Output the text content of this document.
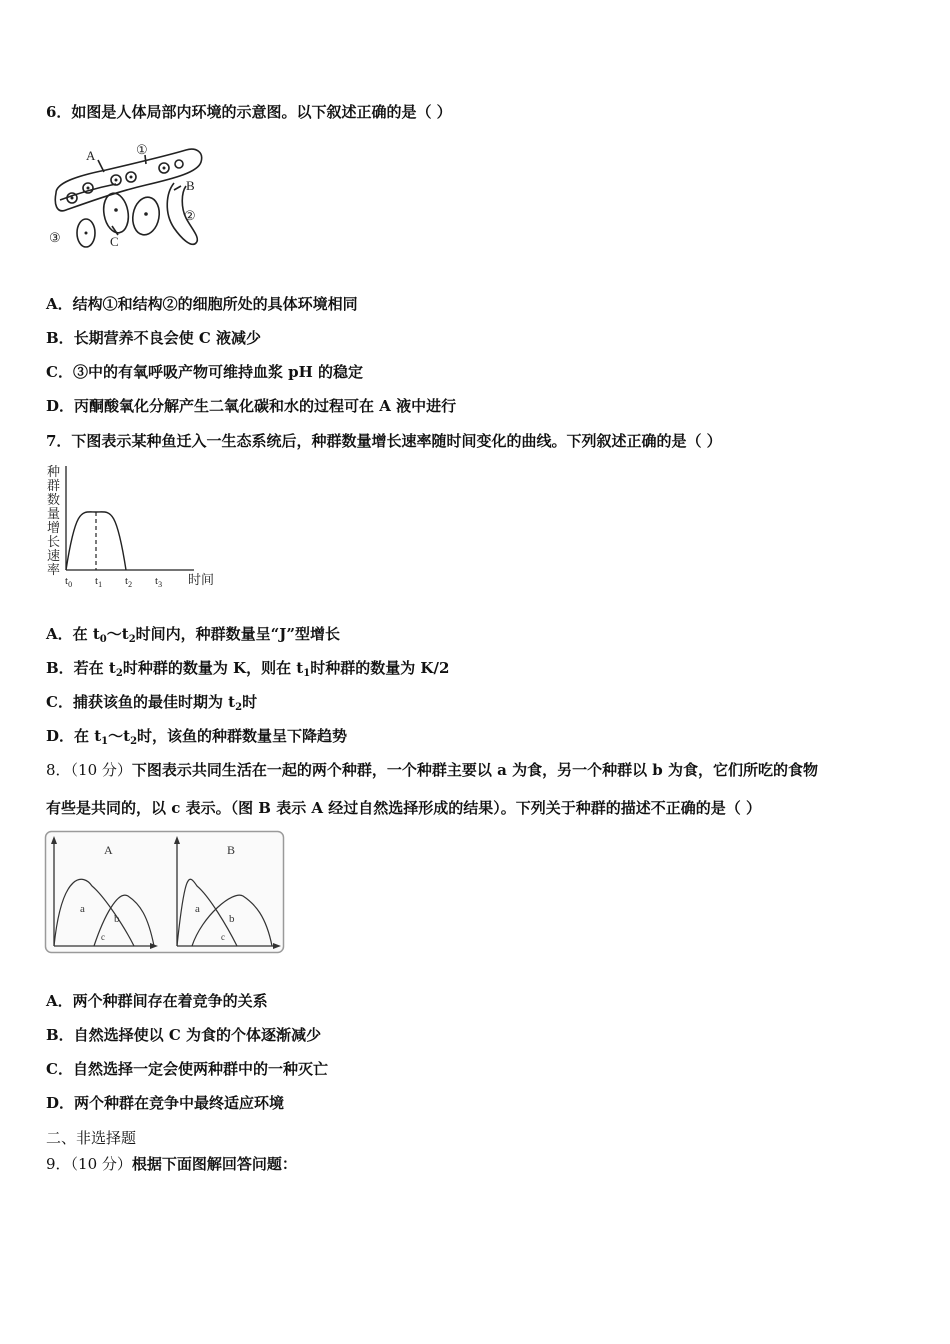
6．如图是人体局部内环境的示意图。以下叙述正确的是（ ）
A	①
B
②
③	C
A．结构①和结构②的细胞所处的具体环境相同
B．长期营养不良会使 C 液减少
C．③中的有氧呼吸产物可维持血浆 pH 的稳定
D．丙酮酸氧化分解产生二氧化碳和水的过程可在 A 液中进行
7．下图表示某种鱼迁入一生态系统后，种群数量增长速率随时间变化的曲线。下列叙述正确的是（ ）
种
群
数
量
增
长
速
率
$t_0$ $t_1$ $t_2$ $t_3$ 时间
A．在 $t_0\sim t_2$时间内，种群数量呈“J”型增长
B．若在 $t_2$时种群的数量为 K，则在 $t_1$时种群的数量为 K/2
C．捕获该鱼的最佳时期为 $t_2$时
D．在 $t_1\sim t_2$时，该鱼的种群数量呈下降趋势
8．（10 分）下图表示共同生活在一起的两个种群，一个种群主要以 a 为食，另一个种群以 b 为食，它们所吃的食物
有些是共同的，以 c 表示。（图 B 表示 A 经过自然选择形成的结果）。下列关于种群的描述不正确的是（ ）
A
a
b
c
B
a
b
c
A．两个种群间存在着竞争的关系
B．自然选择使以 C 为食的个体逐渐减少
C．自然选择一定会使两种群中的一种灭亡
D．两个种群在竞争中最终适应环境
二、非选择题
9．（10 分）根据下面图解回答问题：
